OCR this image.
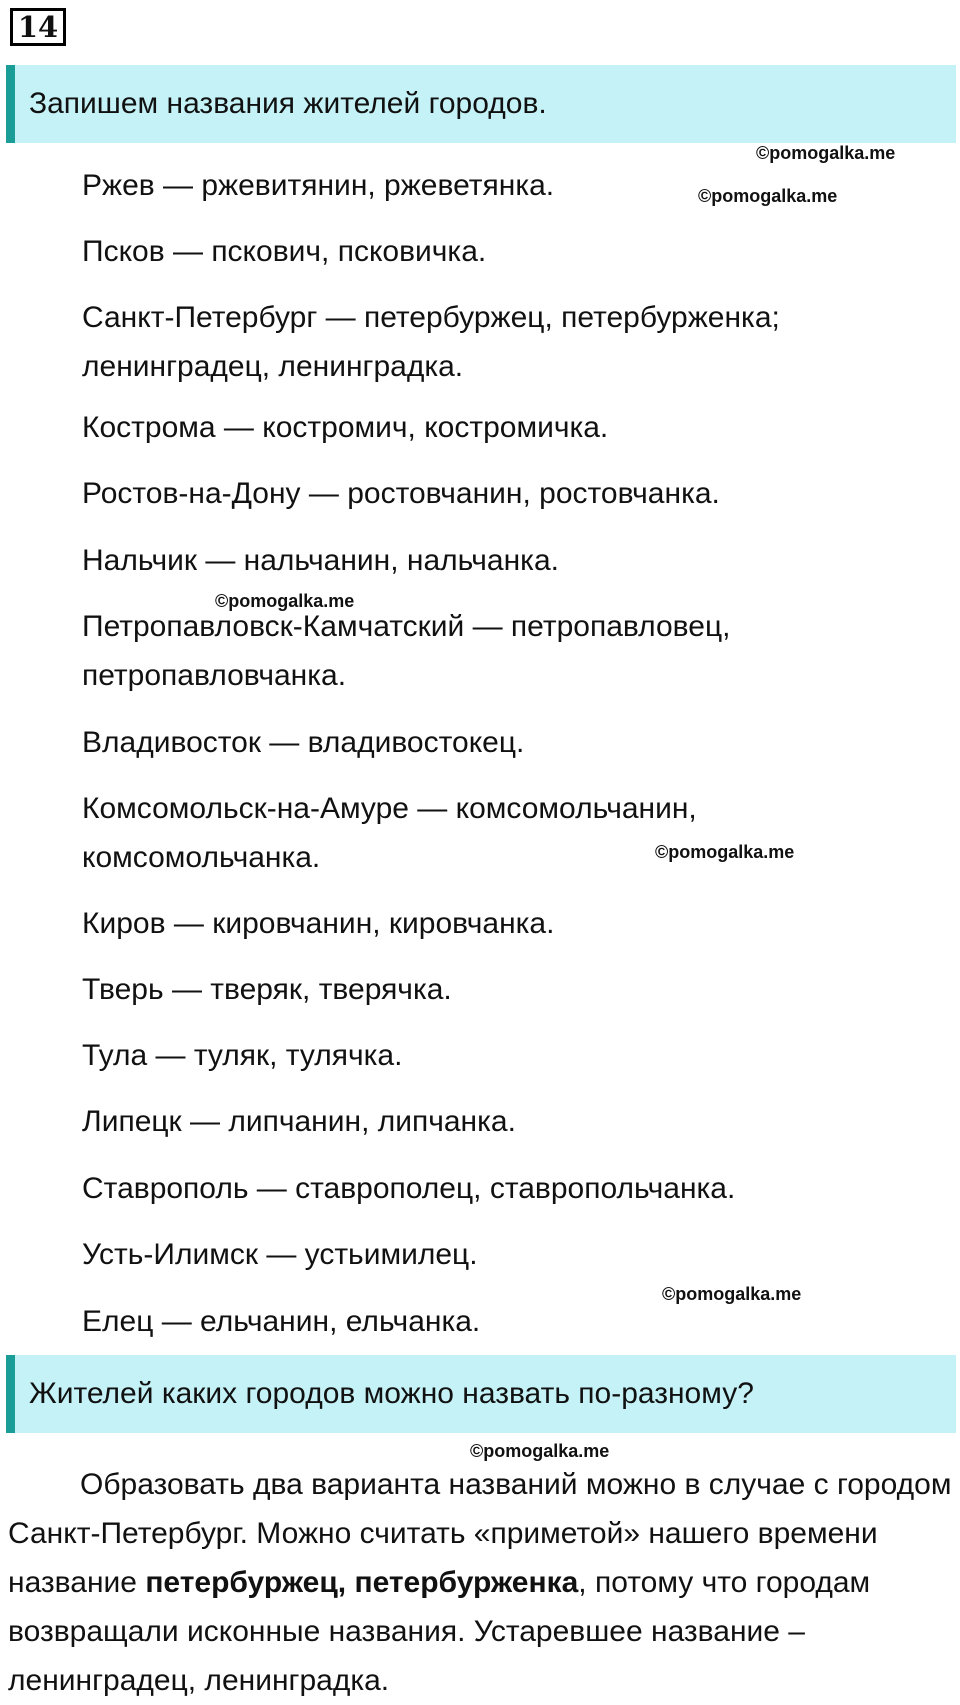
14
Запишем названия жителей городов.
Ржев — ржевитянин, ржеветянка.
Псков — пскович, псковичка.
Санкт-Петербург — петербуржец, петербурженка;
ленинградец, ленинградка.
Кострома — костромич, костромичка.
Ростов-на-Дону — ростовчанин, ростовчанка.
Нальчик — нальчанин, нальчанка.
Петропавловск-Камчатский — петропавловец,
петропавловчанка.
Владивосток — владивостокец.
Комсомольск-на-Амуре — комсомольчанин,
комсомольчанка.
Киров — кировчанин, кировчанка.
Тверь — тверяк, тверячка.
Тула — туляк, тулячка.
Липецк — липчанин, липчанка.
Ставрополь — ставрополец, ставропольчанка.
Усть-Илимск — устьимилец.
Елец — ельчанин, ельчанка.
Жителей каких городов можно назвать по-разному?

Образовать два варианта названий можно в случае с городом Санкт-Петербург. Можно считать «приметой» нашего времени название петербуржец, петербурженка, потому что городам возвращали исконные названия. Устаревшее название – ленинградец, ленинградка.

©pomogalka.me
©pomogalka.me
©pomogalka.me
©pomogalka.me
©pomogalka.me
©pomogalka.me
